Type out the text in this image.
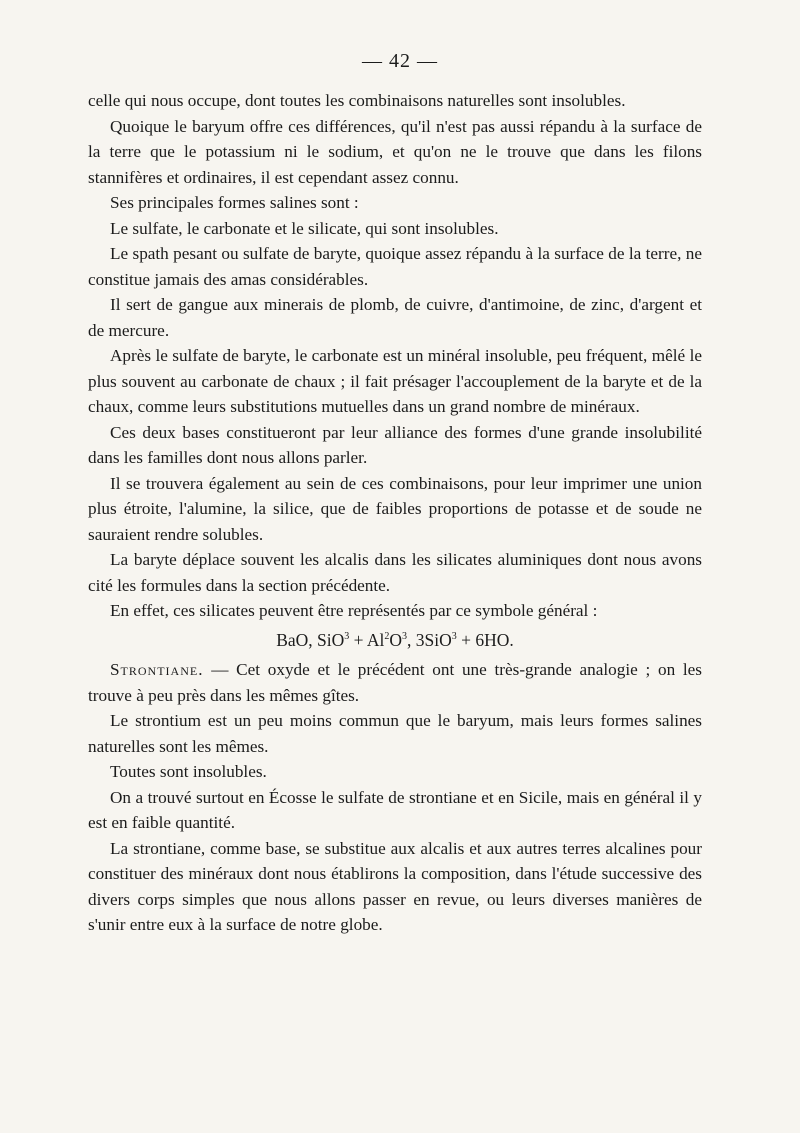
— 42 —

celle qui nous occupe, dont toutes les combinaisons naturelles sont insolubles.

Quoique le baryum offre ces différences, qu'il n'est pas aussi répandu à la surface de la terre que le potassium ni le sodium, et qu'on ne le trouve que dans les filons stannifères et ordinaires, il est cependant assez connu.

Ses principales formes salines sont :

Le sulfate, le carbonate et le silicate, qui sont insolubles.

Le spath pesant ou sulfate de baryte, quoique assez répandu à la surface de la terre, ne constitue jamais des amas considérables.

Il sert de gangue aux minerais de plomb, de cuivre, d'antimoine, de zinc, d'argent et de mercure.

Après le sulfate de baryte, le carbonate est un minéral insoluble, peu fréquent, mêlé le plus souvent au carbonate de chaux ; il fait présager l'accouplement de la baryte et de la chaux, comme leurs substitutions mutuelles dans un grand nombre de minéraux.

Ces deux bases constitueront par leur alliance des formes d'une grande insolubilité dans les familles dont nous allons parler.

Il se trouvera également au sein de ces combinaisons, pour leur imprimer une union plus étroite, l'alumine, la silice, que de faibles proportions de potasse et de soude ne sauraient rendre solubles.

La baryte déplace souvent les alcalis dans les silicates aluminiques dont nous avons cité les formules dans la section précédente.

En effet, ces silicates peuvent être représentés par ce symbole général :

BaO, $SiO^3 + Al^2O^3$, 3SiO$^3$ + 6HO.

Strontiane. — Cet oxyde et le précédent ont une très-grande analogie ; on les trouve à peu près dans les mêmes gîtes.

Le strontium est un peu moins commun que le baryum, mais leurs formes salines naturelles sont les mêmes.

Toutes sont insolubles.

On a trouvé surtout en Écosse le sulfate de strontiane et en Sicile, mais en général il y est en faible quantité.

La strontiane, comme base, se substitue aux alcalis et aux autres terres alcalines pour constituer des minéraux dont nous établirons la composition, dans l'étude successive des divers corps simples que nous allons passer en revue, ou leurs diverses manières de s'unir entre eux à la surface de notre globe.
